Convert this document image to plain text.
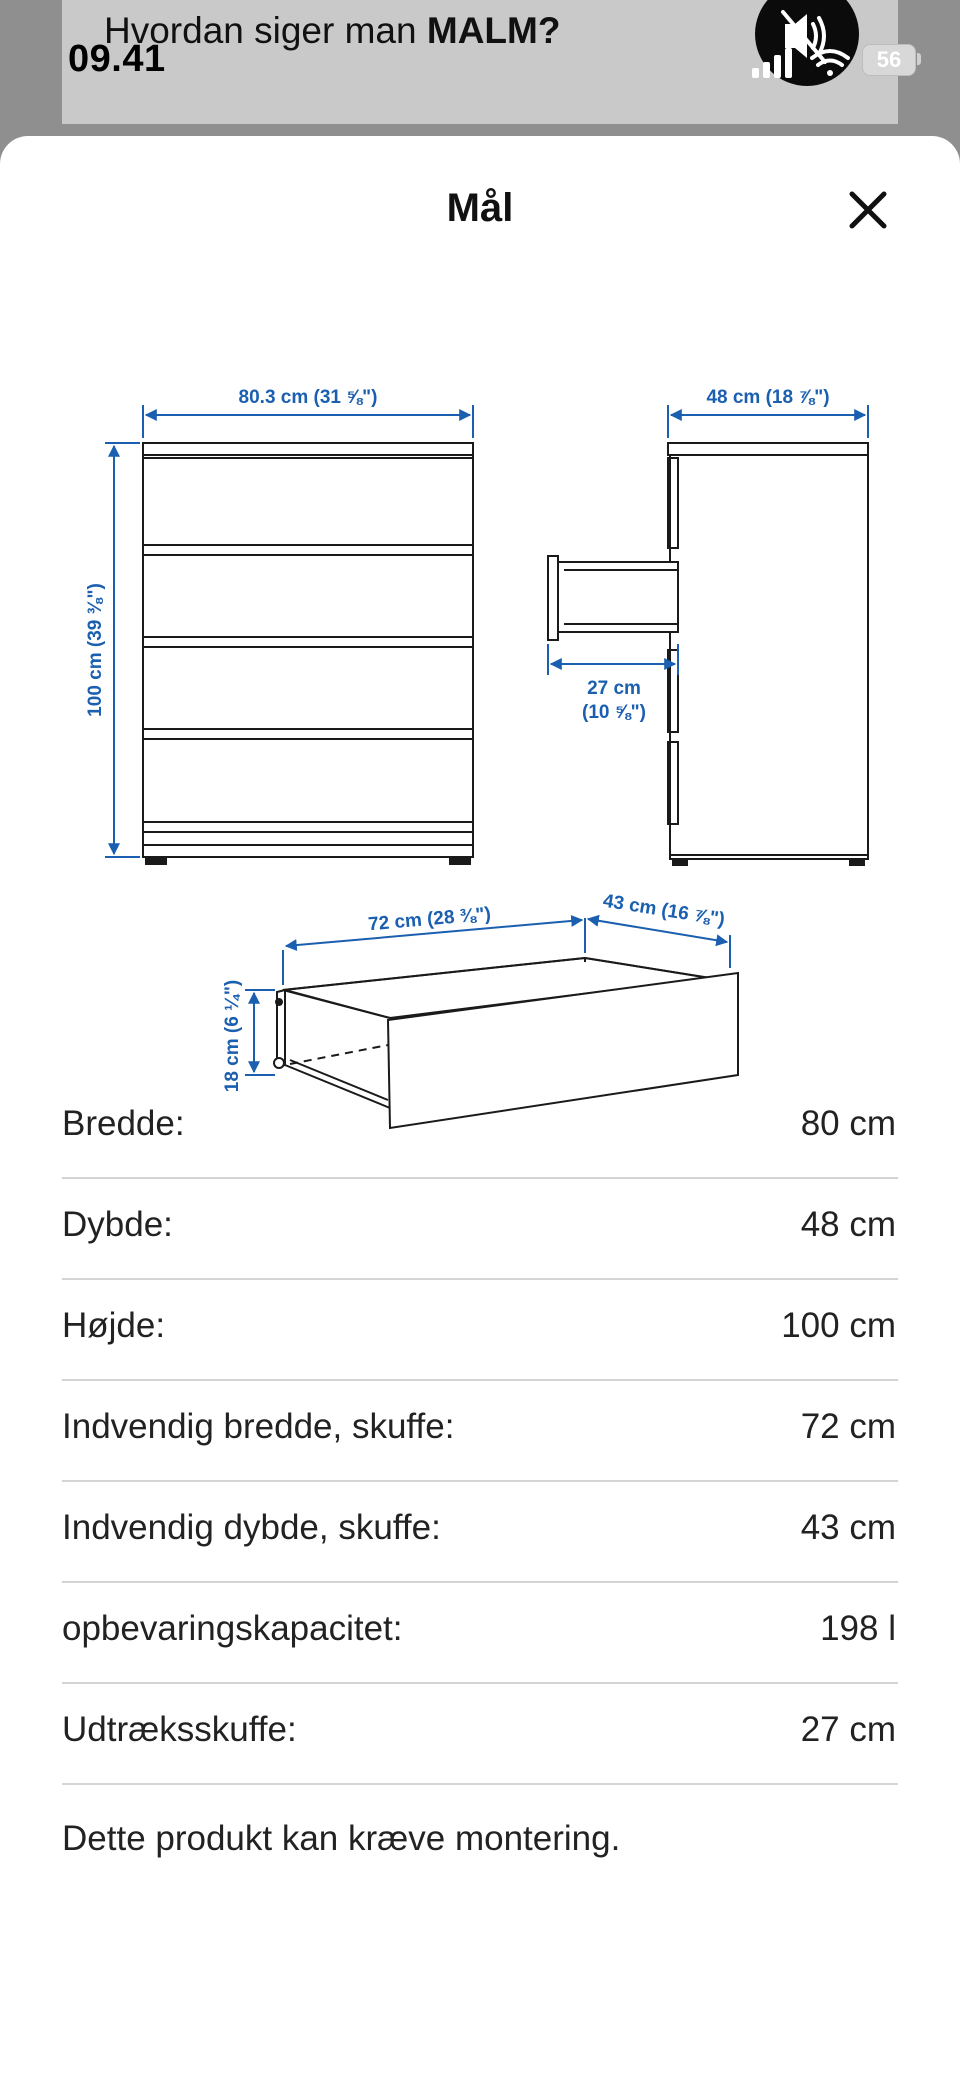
Hvordan siger man MALM?
09.41	56
Mål
80.3 cm (31 ⅝")
100 cm (39 ⅜")
48 cm (18 ⅞")
27 cm
(10 ⅝")
72 cm (28 ⅜")	43 cm (16 ⅞")
18 cm (6 ¼")
Bredde:	80 cm
Dybde:	48 cm
Højde:	100 cm
Indvendig bredde, skuffe:	72 cm
Indvendig dybde, skuffe:	43 cm
opbevaringskapacitet:	198 l
Udtræksskuffe:	27 cm
Dette produkt kan kræve montering.
